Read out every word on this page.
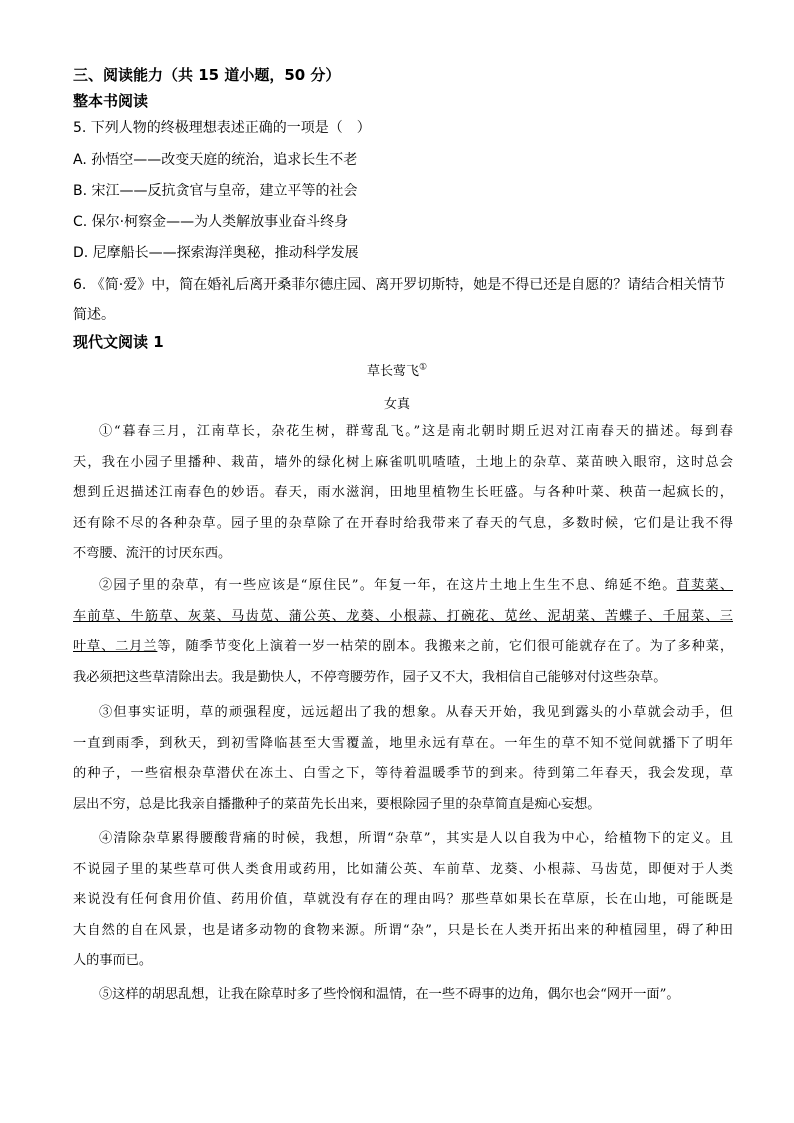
三、阅读能力（共 15 道小题，50 分）
整本书阅读
5. 下列人物的终极理想表述正确的一项是（　）
A. 孙悟空——改变天庭的统治，追求长生不老
B. 宋江——反抗贪官与皇帝，建立平等的社会
C. 保尔·柯察金——为人类解放事业奋斗终身
D. 尼摩船长——探索海洋奥秘，推动科学发展
6. 《简·爱》中，简在婚礼后离开桑菲尔德庄园、离开罗切斯特，她是不得已还是自愿的？请结合相关情节
简述。
现代文阅读 1
草长莺飞①
女真
①“暮春三月，江南草长，杂花生树，群莺乱飞。”这是南北朝时期丘迟对江南春天的描述。每到春
天，我在小园子里播种、栽苗，墙外的绿化树上麻雀叽叽喳喳，土地上的杂草、菜苗映入眼帘，这时总会
想到丘迟描述江南春色的妙语。春天，雨水滋润，田地里植物生长旺盛。与各种叶菜、秧苗一起疯长的，
还有除不尽的各种杂草。园子里的杂草除了在开春时给我带来了春天的气息，多数时候，它们是让我不得
不弯腰、流汗的讨厌东西。
②园子里的杂草，有一些应该是“原住民”。年复一年，在这片土地上生生不息、绵延不绝。苜荬菜、
车前草、牛筋草、灰菜、马齿苋、蒲公英、龙葵、小根蒜、打碗花、苋丝、泥胡菜、苦蝶子、千屈菜、三
叶草、二月兰等，随季节变化上演着一岁一枯荣的剧本。我搬来之前，它们很可能就存在了。为了多种菜，
我必须把这些草清除出去。我是勤快人，不停弯腰劳作，园子又不大，我相信自己能够对付这些杂草。
③但事实证明，草的顽强程度，远远超出了我的想象。从春天开始，我见到露头的小草就会动手，但
一直到雨季，到秋天，到初雪降临甚至大雪覆盖，地里永远有草在。一年生的草不知不觉间就播下了明年
的种子，一些宿根杂草潜伏在冻土、白雪之下，等待着温暖季节的到来。待到第二年春天，我会发现，草
层出不穷，总是比我亲自播撒种子的菜苗先长出来，要根除园子里的杂草简直是痴心妄想。
④清除杂草累得腰酸背痛的时候，我想，所谓“杂草”，其实是人以自我为中心，给植物下的定义。且
不说园子里的某些草可供人类食用或药用，比如蒲公英、车前草、龙葵、小根蒜、马齿苋，即便对于人类
来说没有任何食用价值、药用价值，草就没有存在的理由吗？那些草如果长在草原，长在山地，可能既是
大自然的自在风景，也是诸多动物的食物来源。所谓“杂”，只是长在人类开拓出来的种植园里，碍了种田
人的事而已。
⑤这样的胡思乱想，让我在除草时多了些怜悯和温情，在一些不碍事的边角，偶尔也会“网开一面”。
